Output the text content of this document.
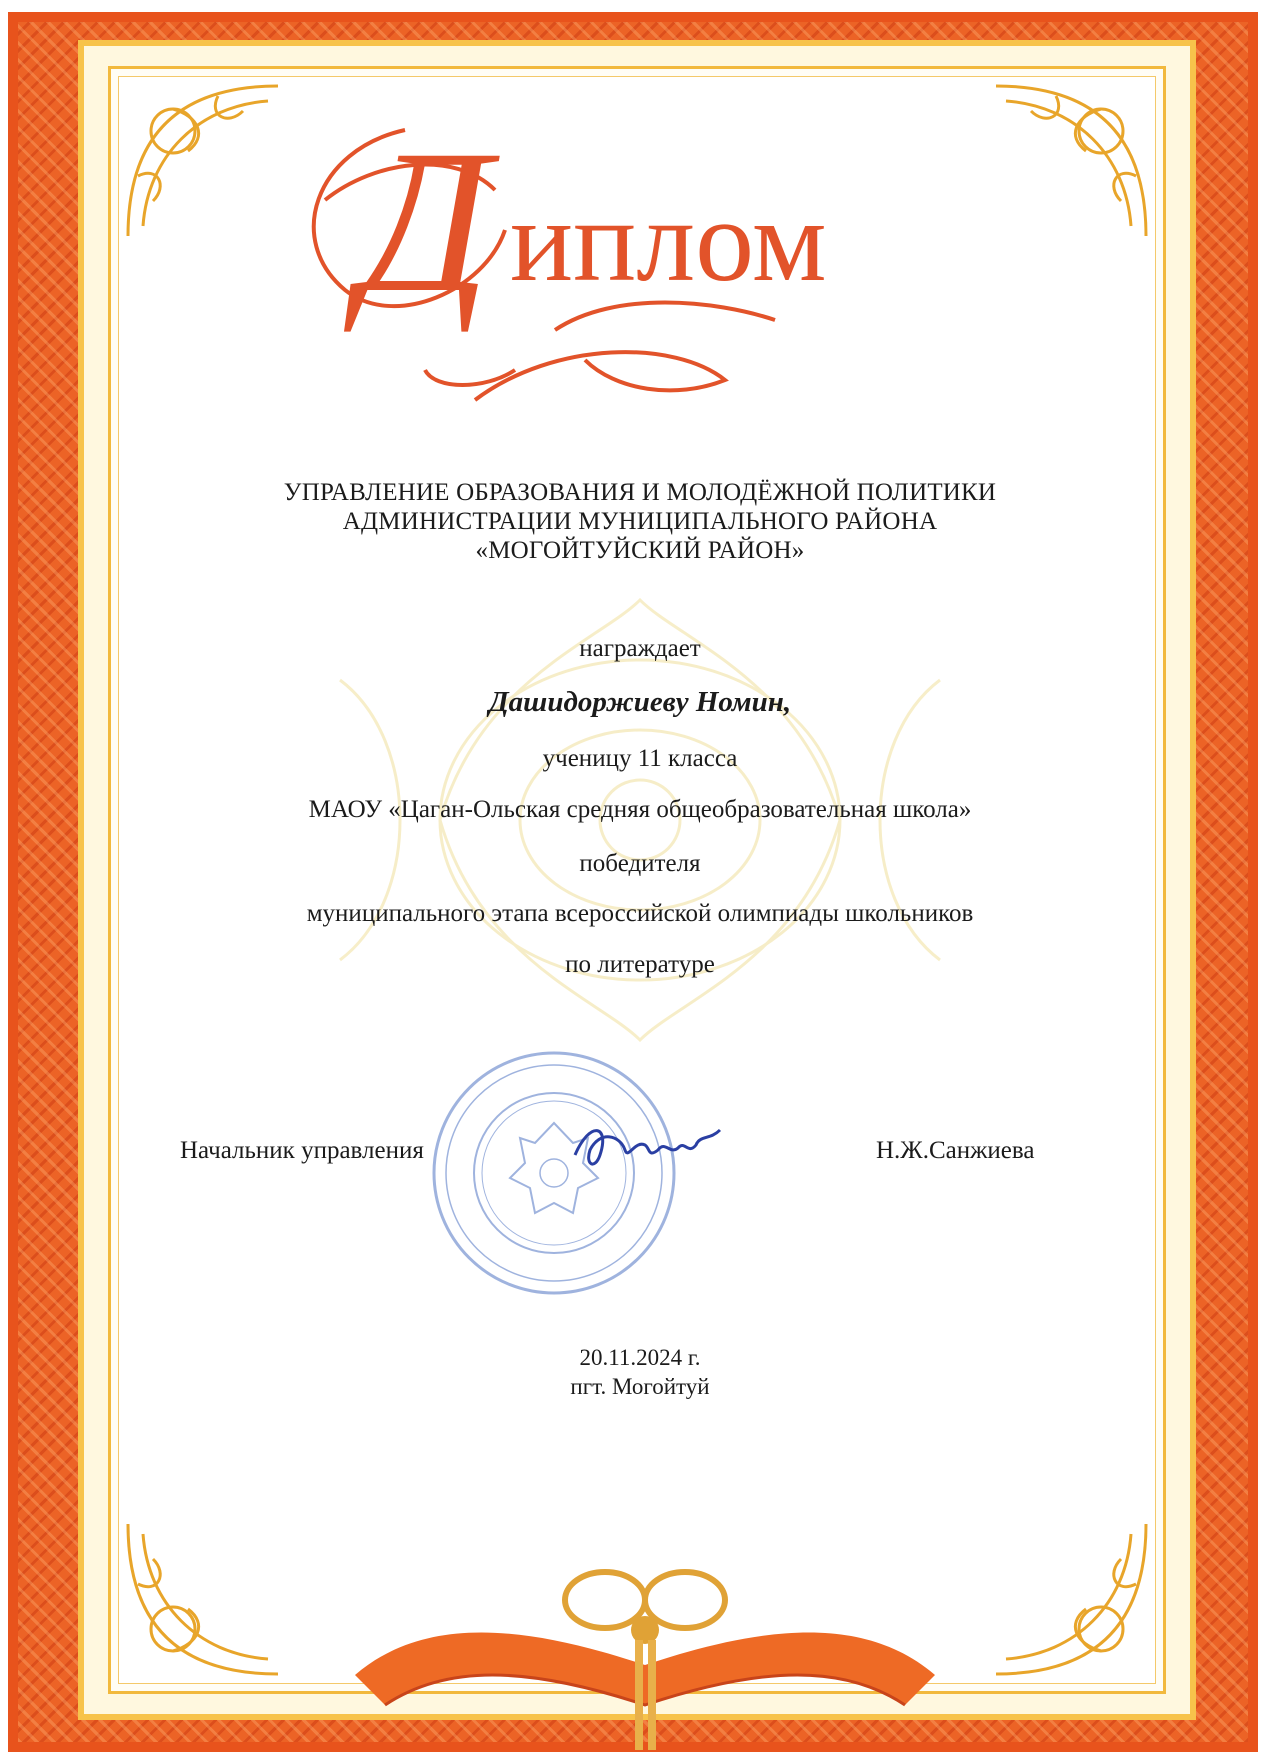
Д иплом
УПРАВЛЕНИЕ ОБРАЗОВАНИЯ И МОЛОДЁЖНОЙ ПОЛИТИКИ
АДМИНИСТРАЦИИ МУНИЦИПАЛЬНОГО РАЙОНА
«МОГОЙТУЙСКИЙ РАЙОН»
награждает
Дашидоржиеву Номин,
ученицу 11 класса
МАОУ «Цаган-Ольская средняя общеобразовательная школа»
победителя
муниципального этапа всероссийской олимпиады школьников
по литературе
Начальник управления	Н.Ж.Санжиева
20.11.2024 г.
пгт. Могойтуй
